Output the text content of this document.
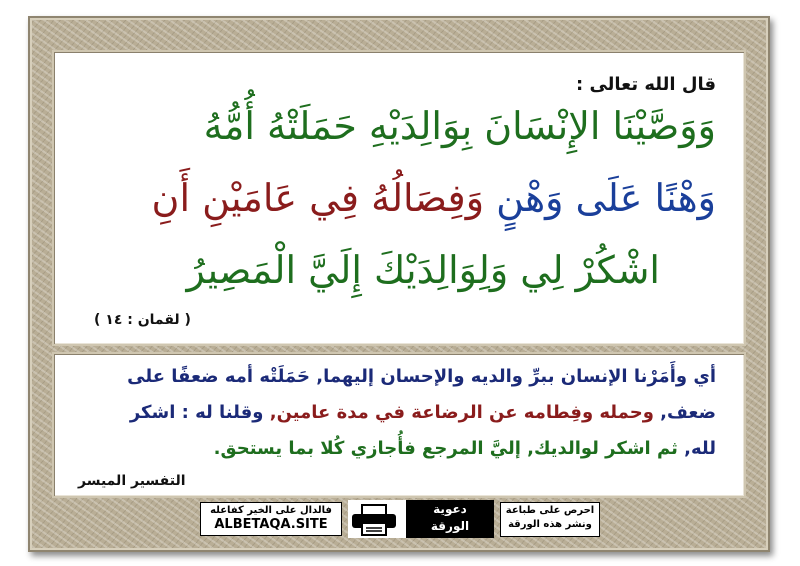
قال الله تعالى :
وَوَصَّيْنَا الإِنْسَانَ بِوَالِدَيْهِ حَمَلَتْهُ أُمُّهُ
وَهْنًا عَلَى وَهْنٍ وَفِصَالُهُ فِي عَامَيْنِ أَنِ
اشْكُرْ لِي وَلِوَالِدَيْكَ إِلَيَّ الْمَصِيرُ
( لقمان : ١٤ )
أي وأَمَرْنا الإنسان ببرِّ والديه والإحسان إليهما, حَمَلَتْه أمه ضعفًا على
ضعف, وحمله وفِطامه عن الرضاعة في مدة عامين, وقلنا له : اشكر
لله, ثم اشكر لوالديك, إليَّ المرجع فأُجازي كُلا بما يستحق.
التفسير الميسر
احرص على طباعة
ونشر هذه الورقة
دعوية
الورقة
فالدال على الخير كفاعله
ALBETAQA.SITE
